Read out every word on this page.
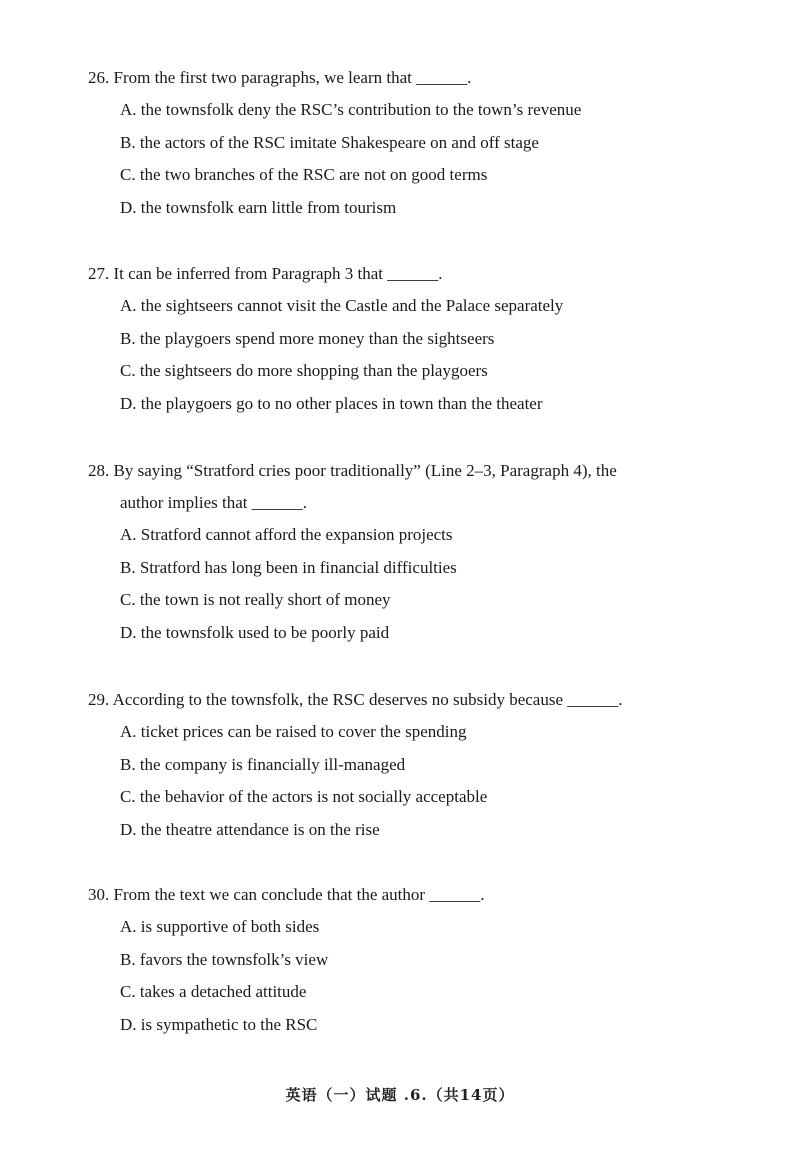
26. From the first two paragraphs, we learn that ______.

A. the townsfolk deny the RSC’s contribution to the town’s revenue

B. the actors of the RSC imitate Shakespeare on and off stage

C. the two branches of the RSC are not on good terms

D. the townsfolk earn little from tourism

27. It can be inferred from Paragraph 3 that ______.

A. the sightseers cannot visit the Castle and the Palace separately

B. the playgoers spend more money than the sightseers

C. the sightseers do more shopping than the playgoers

D. the playgoers go to no other places in town than the theater

28. By saying “Stratford cries poor traditionally” (Line 2–3, Paragraph 4), the
author implies that ______.

A. Stratford cannot afford the expansion projects

B. Stratford has long been in financial difficulties

C. the town is not really short of money

D. the townsfolk used to be poorly paid

29. According to the townsfolk, the RSC deserves no subsidy because ______.

A. ticket prices can be raised to cover the spending

B. the company is financially ill-managed

C. the behavior of the actors is not socially acceptable

D. the theatre attendance is on the rise

30. From the text we can conclude that the author ______.

A. is supportive of both sides

B. favors the townsfolk’s view

C. takes a detached attitude

D. is sympathetic to the RSC

英语（一）试题 .6.（共14页）
